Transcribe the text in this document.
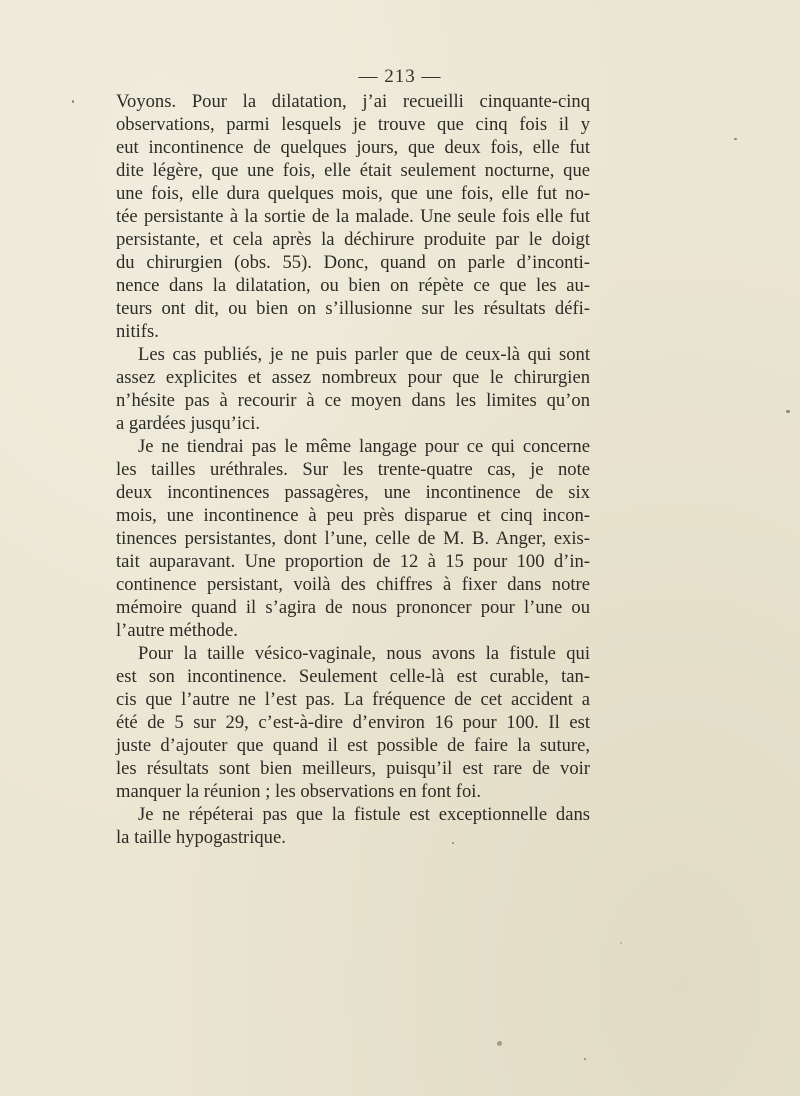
— 213 —
Voyons. Pour la dilatation, j’ai recueilli cinquante-cinq
observations, parmi lesquels je trouve que cinq fois il y
eut incontinence de quelques jours, que deux fois, elle fut
dite légère, que une fois, elle était seulement nocturne, que
une fois, elle dura quelques mois, que une fois, elle fut no-
tée persistante à la sortie de la malade. Une seule fois elle fut
persistante, et cela après la déchirure produite par le doigt
du chirurgien (obs. 55). Donc, quand on parle d’inconti-
nence dans la dilatation, ou bien on répète ce que les au-
teurs ont dit, ou bien on s’illusionne sur les résultats défi-
nitifs.
Les cas publiés, je ne puis parler que de ceux-là qui sont
assez explicites et assez nombreux pour que le chirurgien
n’hésite pas à recourir à ce moyen dans les limites qu’on
a gardées jusqu’ici.
Je ne tiendrai pas le même langage pour ce qui concerne
les tailles uréthrales. Sur les trente-quatre cas, je note
deux incontinences passagères, une incontinence de six
mois, une incontinence à peu près disparue et cinq incon-
tinences persistantes, dont l’une, celle de M. B. Anger, exis-
tait auparavant. Une proportion de 12 à 15 pour 100 d’in-
continence persistant, voilà des chiffres à fixer dans notre
mémoire quand il s’agira de nous prononcer pour l’une ou
l’autre méthode.
Pour la taille vésico-vaginale, nous avons la fistule qui
est son incontinence. Seulement celle-là est curable, tan-
cis que l’autre ne l’est pas. La fréquence de cet accident a
été de 5 sur 29, c’est-à-dire d’environ 16 pour 100. Il est
juste d’ajouter que quand il est possible de faire la suture,
les résultats sont bien meilleurs, puisqu’il est rare de voir
manquer la réunion ; les observations en font foi.
Je ne répéterai pas que la fistule est exceptionnelle dans
la taille hypogastrique.
